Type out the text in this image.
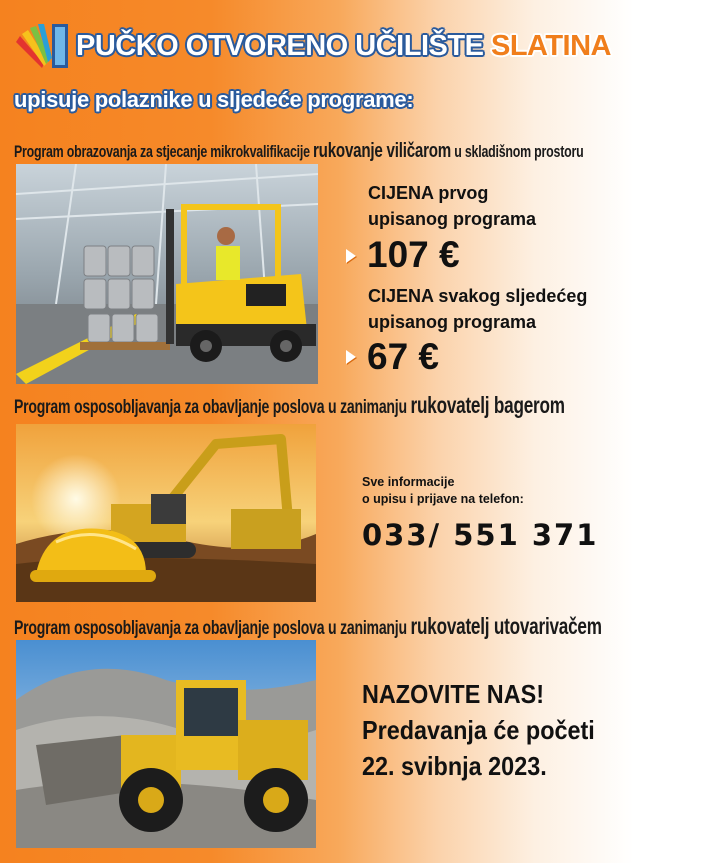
PUČKO OTVORENO UČILIŠTE SLATINA
upisuje polaznike u sljedeće programe:
Program obrazovanja za stjecanje mikrokvalifikacije rukovanje viličarom u skladišnom prostoru
CIJENA prvog
upisanog programa
107 €
CIJENA svakog sljedećeg
upisanog programa
67 €
Program osposobljavanja za obavljanje poslova u zanimanju rukovatelj bagerom
Sve informacije
o upisu i prijave na telefon:
033/ 551 371
Program osposobljavanja za obavljanje poslova u zanimanju rukovatelj utovarivačem
NAZOVITE NAS!
Predavanja će početi
22. svibnja 2023.
